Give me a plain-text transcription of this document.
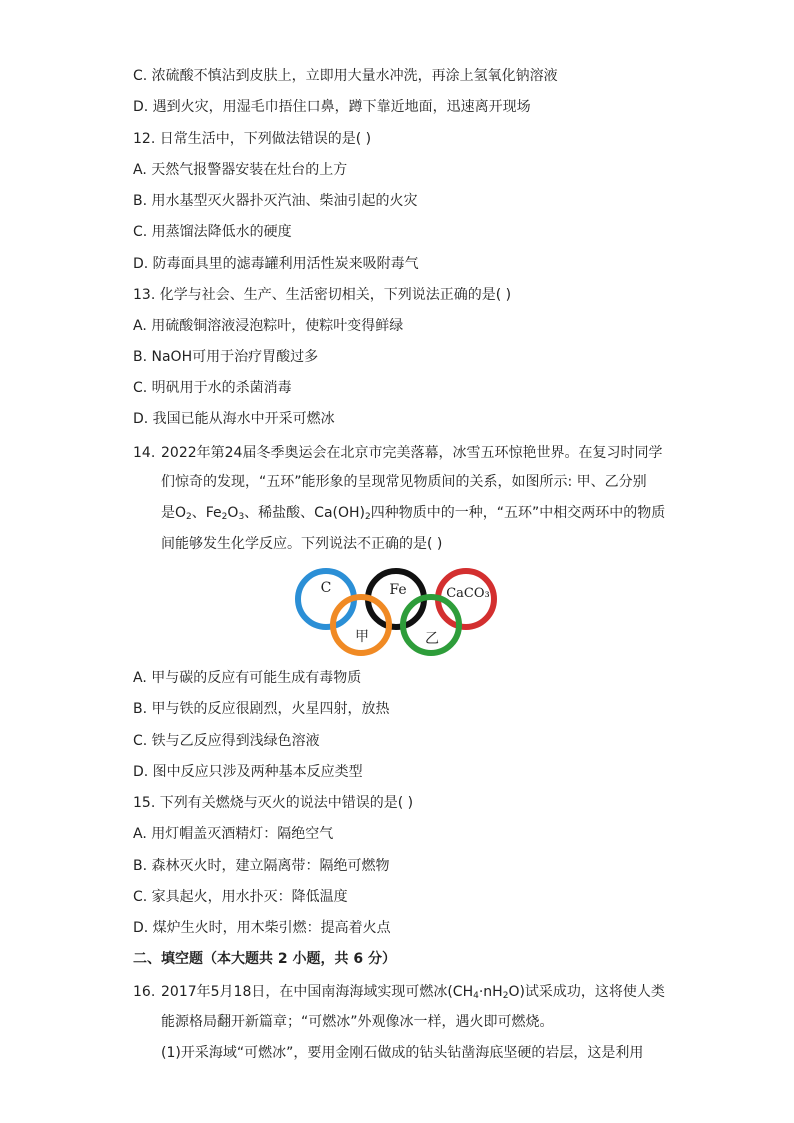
C. 浓硫酸不慎沾到皮肤上，立即用大量水冲洗，再涂上氢氧化钠溶液
D. 遇到火灾，用湿毛巾捂住口鼻，蹲下靠近地面，迅速离开现场
12. 日常生活中，下列做法错误的是( )
A. 天然气报警器安装在灶台的上方
B. 用水基型灭火器扑灭汽油、柴油引起的火灾
C. 用蒸馏法降低水的硬度
D. 防毒面具里的滤毒罐利用活性炭来吸附毒气
13. 化学与社会、生产、生活密切相关，下列说法正确的是( )
A. 用硫酸铜溶液浸泡粽叶，使粽叶变得鲜绿
B. NaOH可用于治疗胃酸过多
C. 明矾用于水的杀菌消毒
D. 我国已能从海水中开采可燃冰
14. 2022年第24届冬季奥运会在北京市完美落幕，冰雪五环惊艳世界。在复习时同学
们惊奇的发现，“五环”能形象的呈现常见物质间的关系，如图所示: 甲、乙分别
是$O_2$、$Fe_2O_3$、稀盐酸、$Ca(OH)_2$四种物质中的一种，“五环”中相交两环中的物质
间能够发生化学反应。下列说法不正确的是( )
C	Fe	CaCO₃
甲	乙
A. 甲与碳的反应有可能生成有毒物质
B. 甲与铁的反应很剧烈，火星四射，放热
C. 铁与乙反应得到浅绿色溶液
D. 图中反应只涉及两种基本反应类型
15. 下列有关燃烧与灭火的说法中错误的是( )
A. 用灯帽盖灭酒精灯：隔绝空气
B. 森林灭火时，建立隔离带：隔绝可燃物
C. 家具起火，用水扑灭：降低温度
D. 煤炉生火时，用木柴引燃：提高着火点
二、填空题（本大题共 2 小题，共 6 分）
16. 2017年5月18日，在中国南海海域实现可燃冰$(CH_4\cdot nH_2O)$试采成功，这将使人类
能源格局翻开新篇章；“可燃冰”外观像冰一样，遇火即可燃烧。
(1)开采海域“可燃冰”，要用金刚石做成的钻头钻凿海底坚硬的岩层，这是利用
